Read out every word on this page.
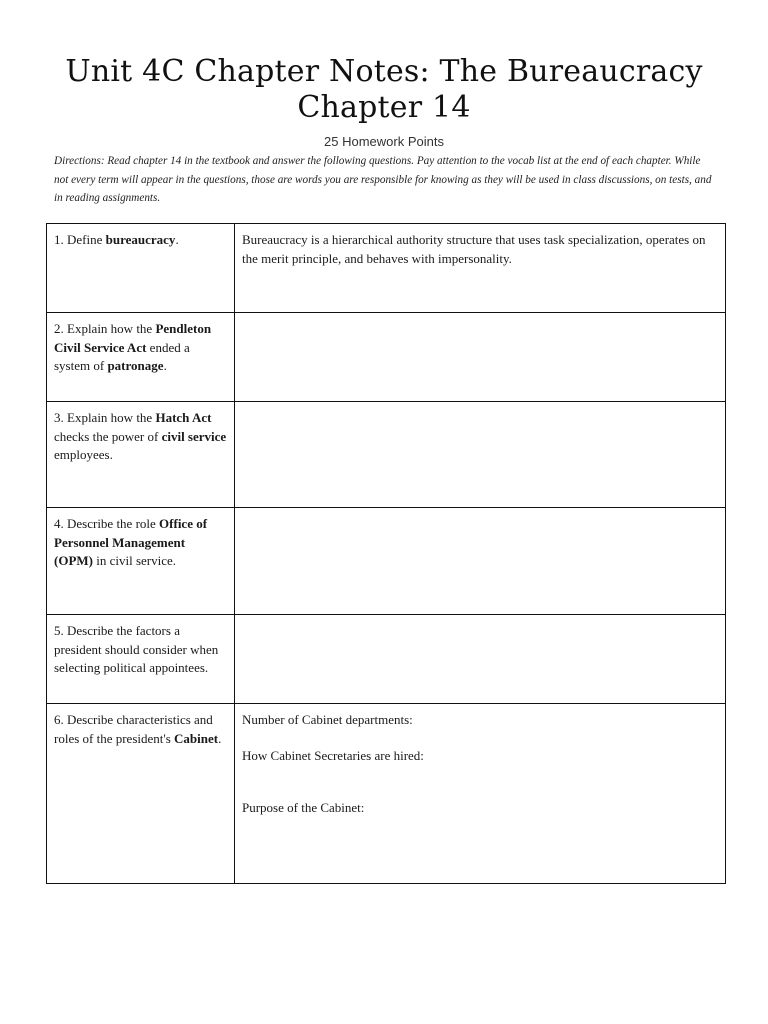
Unit 4C Chapter Notes: The Bureaucracy
Chapter 14
25 Homework Points
Directions: Read chapter 14 in the textbook and answer the following questions. Pay attention to the vocab list at the end of each chapter. While not every term will appear in the questions, those are words you are responsible for knowing as they will be used in class discussions, on tests, and in reading assignments.
1. Define bureaucracy.	Bureaucracy is a hierarchical authority structure that uses task specialization, operates on the merit principle, and behaves with impersonality.

2. Explain how the Pendleton Civil Service Act ended a system of patronage.	

3. Explain how the Hatch Act checks the power of civil service employees.	

4. Describe the role Office of Personnel Management (OPM) in civil service.	

5. Describe the factors a president should consider when selecting political appointees.	

6. Describe characteristics and roles of the president's Cabinet.	Number of Cabinet departments:
How Cabinet Secretaries are hired:
Purpose of the Cabinet:
